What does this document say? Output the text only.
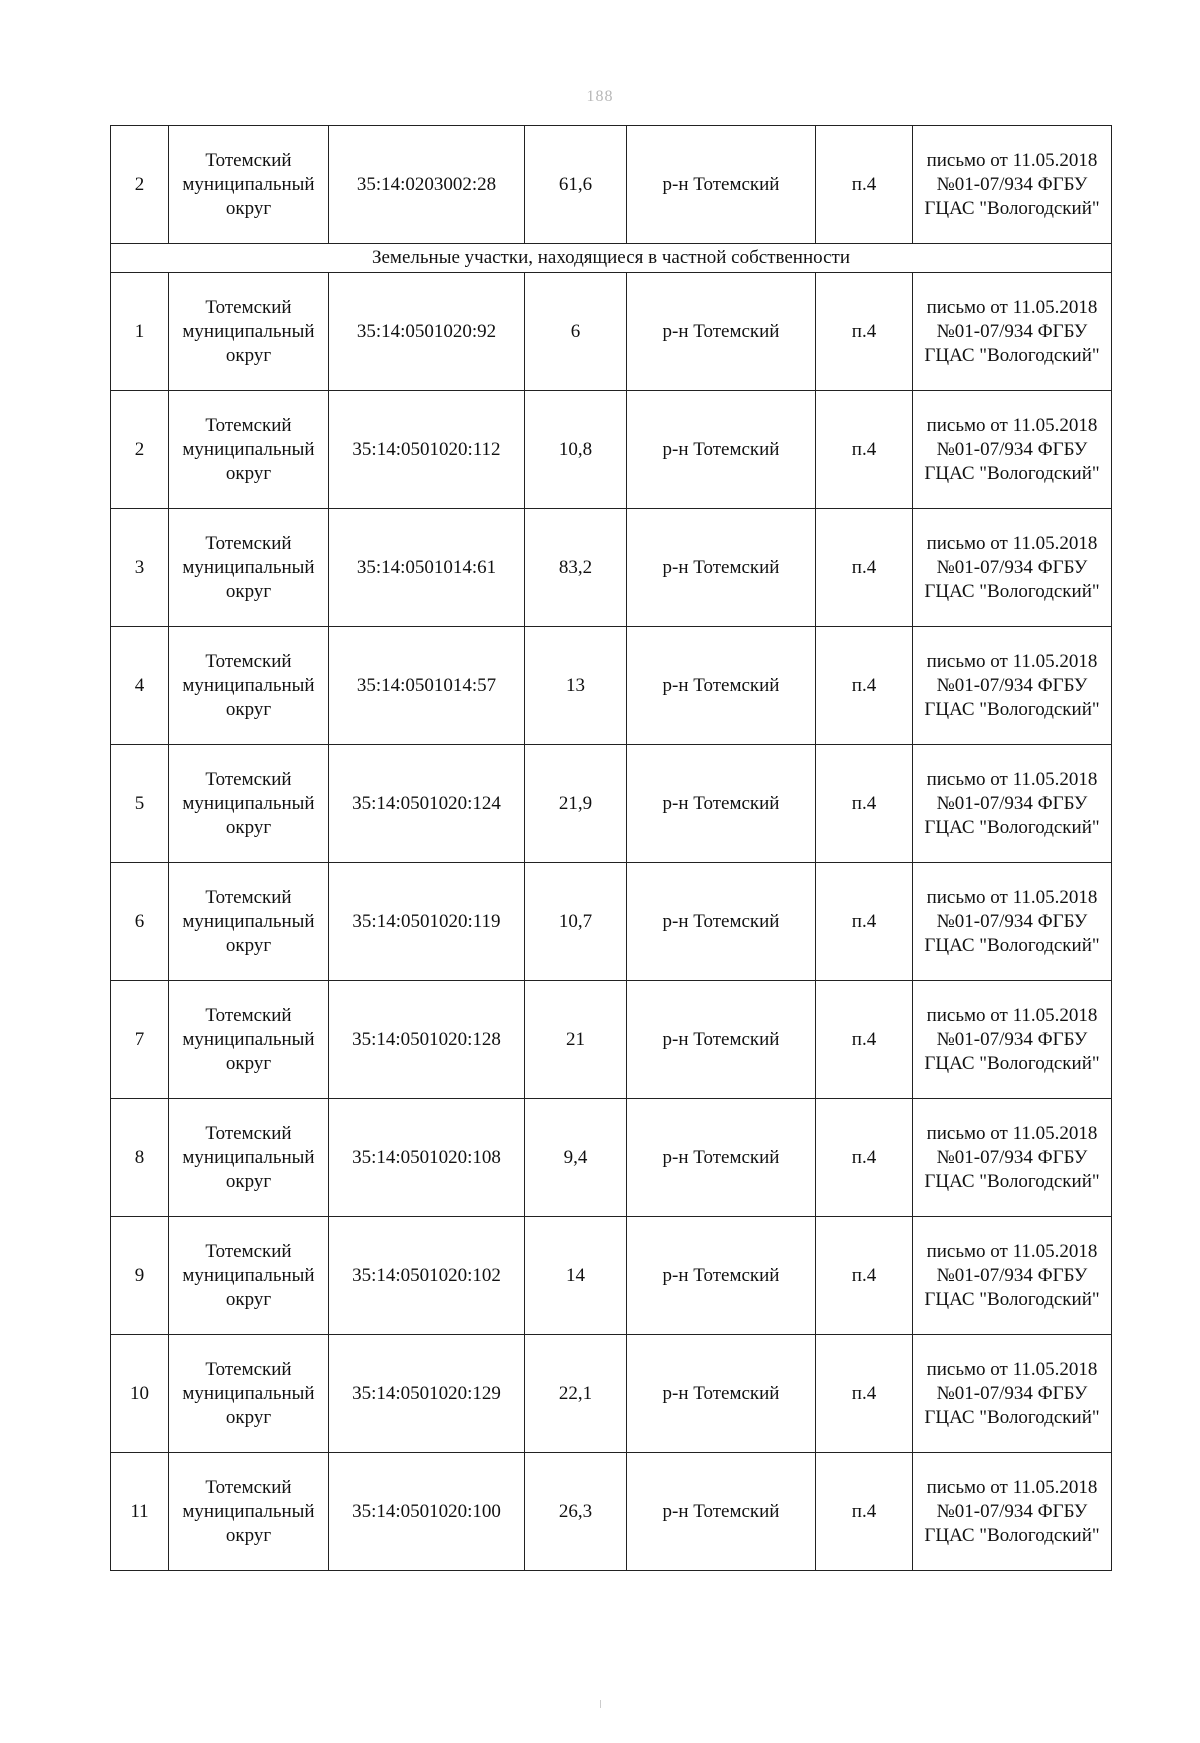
188
2	Тотемский муниципальный округ	35:14:0203002:28	61,6	р-н Тотемский	п.4	письмо от 11.05.2018 №01-07/934 ФГБУ ГЦАС "Вологодский"
Земельные участки, находящиеся в частной собственности						
1	Тотемский муниципальный округ	35:14:0501020:92	6	р-н Тотемский	п.4	письмо от 11.05.2018 №01-07/934 ФГБУ ГЦАС "Вологодский"
2	Тотемский муниципальный округ	35:14:0501020:112	10,8	р-н Тотемский	п.4	письмо от 11.05.2018 №01-07/934 ФГБУ ГЦАС "Вологодский"
3	Тотемский муниципальный округ	35:14:0501014:61	83,2	р-н Тотемский	п.4	письмо от 11.05.2018 №01-07/934 ФГБУ ГЦАС "Вологодский"
4	Тотемский муниципальный округ	35:14:0501014:57	13	р-н Тотемский	п.4	письмо от 11.05.2018 №01-07/934 ФГБУ ГЦАС "Вологодский"
5	Тотемский муниципальный округ	35:14:0501020:124	21,9	р-н Тотемский	п.4	письмо от 11.05.2018 №01-07/934 ФГБУ ГЦАС "Вологодский"
6	Тотемский муниципальный округ	35:14:0501020:119	10,7	р-н Тотемский	п.4	письмо от 11.05.2018 №01-07/934 ФГБУ ГЦАС "Вологодский"
7	Тотемский муниципальный округ	35:14:0501020:128	21	р-н Тотемский	п.4	письмо от 11.05.2018 №01-07/934 ФГБУ ГЦАС "Вологодский"
8	Тотемский муниципальный округ	35:14:0501020:108	9,4	р-н Тотемский	п.4	письмо от 11.05.2018 №01-07/934 ФГБУ ГЦАС "Вологодский"
9	Тотемский муниципальный округ	35:14:0501020:102	14	р-н Тотемский	п.4	письмо от 11.05.2018 №01-07/934 ФГБУ ГЦАС "Вологодский"
10	Тотемский муниципальный округ	35:14:0501020:129	22,1	р-н Тотемский	п.4	письмо от 11.05.2018 №01-07/934 ФГБУ ГЦАС "Вологодский"
11	Тотемский муниципальный округ	35:14:0501020:100	26,3	р-н Тотемский	п.4	письмо от 11.05.2018 №01-07/934 ФГБУ ГЦАС "Вологодский"
